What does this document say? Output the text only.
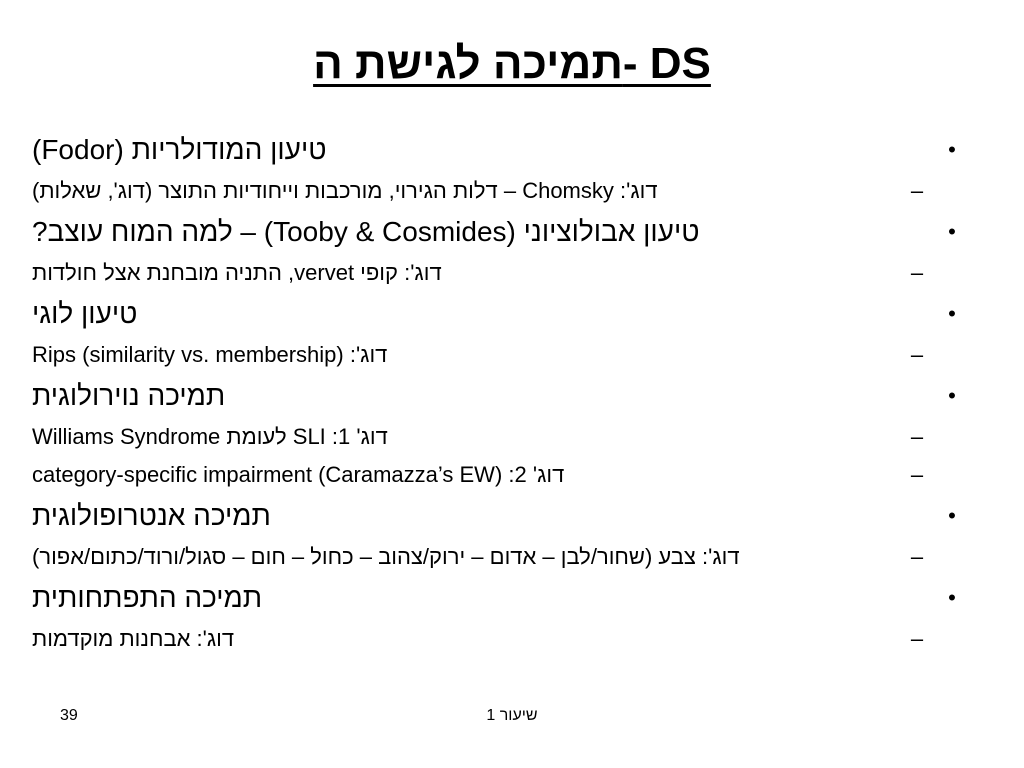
תמיכה לגישת ה- DS
•
טיעון המודולריות (Fodor)
–
דוג': Chomsky – דלות הגירוי, מורכבות וייחודיות התוצר (דוג', שאלות)
•
טיעון אבולוציוני (Tooby & Cosmides) – למה המוח עוצב?
–
דוג': קופי vervet, התניה מובחנת אצל חולדות
•
טיעון לוגי
–
דוג': Rips (similarity vs. membership)
•
תמיכה נוירולוגית
–
דוג' 1: SLI לעומת Williams Syndrome
–
דוג' 2: category-specific impairment (Caramazza’s EW)
•
תמיכה אנטרופולוגית
–
דוג': צבע (שחור/לבן – אדום – ירוק/צהוב – כחול – חום – סגול/ורוד/כתום/אפור)
•
תמיכה התפתחותית
–
דוג': אבחנות מוקדמות
39	שיעור 1
